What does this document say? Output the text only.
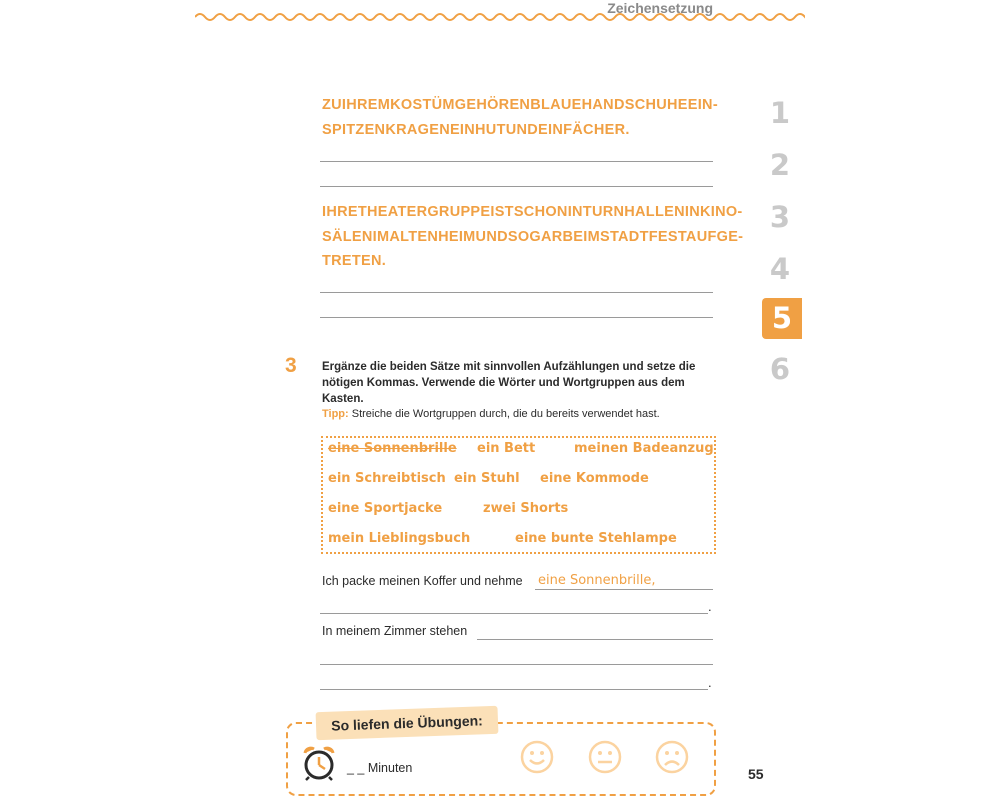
Zeichensetzung
1
2
3
4
5
6
ZUIHREMKOSTÜMGEHÖRENBLAUEHANDSCHUHEEIN-
SPITZENKRAGENEINHUTUNDEINFÄCHER.
IHRETHEATERGRUPPEISTSCHONINTURNHALLENINKINO-
SÄLENIMALTENHEIMUNDSOGARBEIMSTADTFESTAUFGE-
TRETEN.
3 Ergänze die beiden Sätze mit sinnvollen Aufzählungen und setze die nötigen Kommas. Verwende die Wörter und Wortgruppen aus dem Kasten.
Tipp: Streiche die Wortgruppen durch, die du bereits verwendet hast.
eine Sonnenbrille ein Bett	meinen Badeanzug
ein Schreibtisch ein Stuhl eine Kommode
eine Sportjacke	zwei Shorts
mein Lieblingsbuch	eine bunte Stehlampe
Ich packe meinen Koffer und nehme eine Sonnenbrille,
.
In meinem Zimmer stehen
.
So liefen die Übungen:
_ _ Minuten	55
